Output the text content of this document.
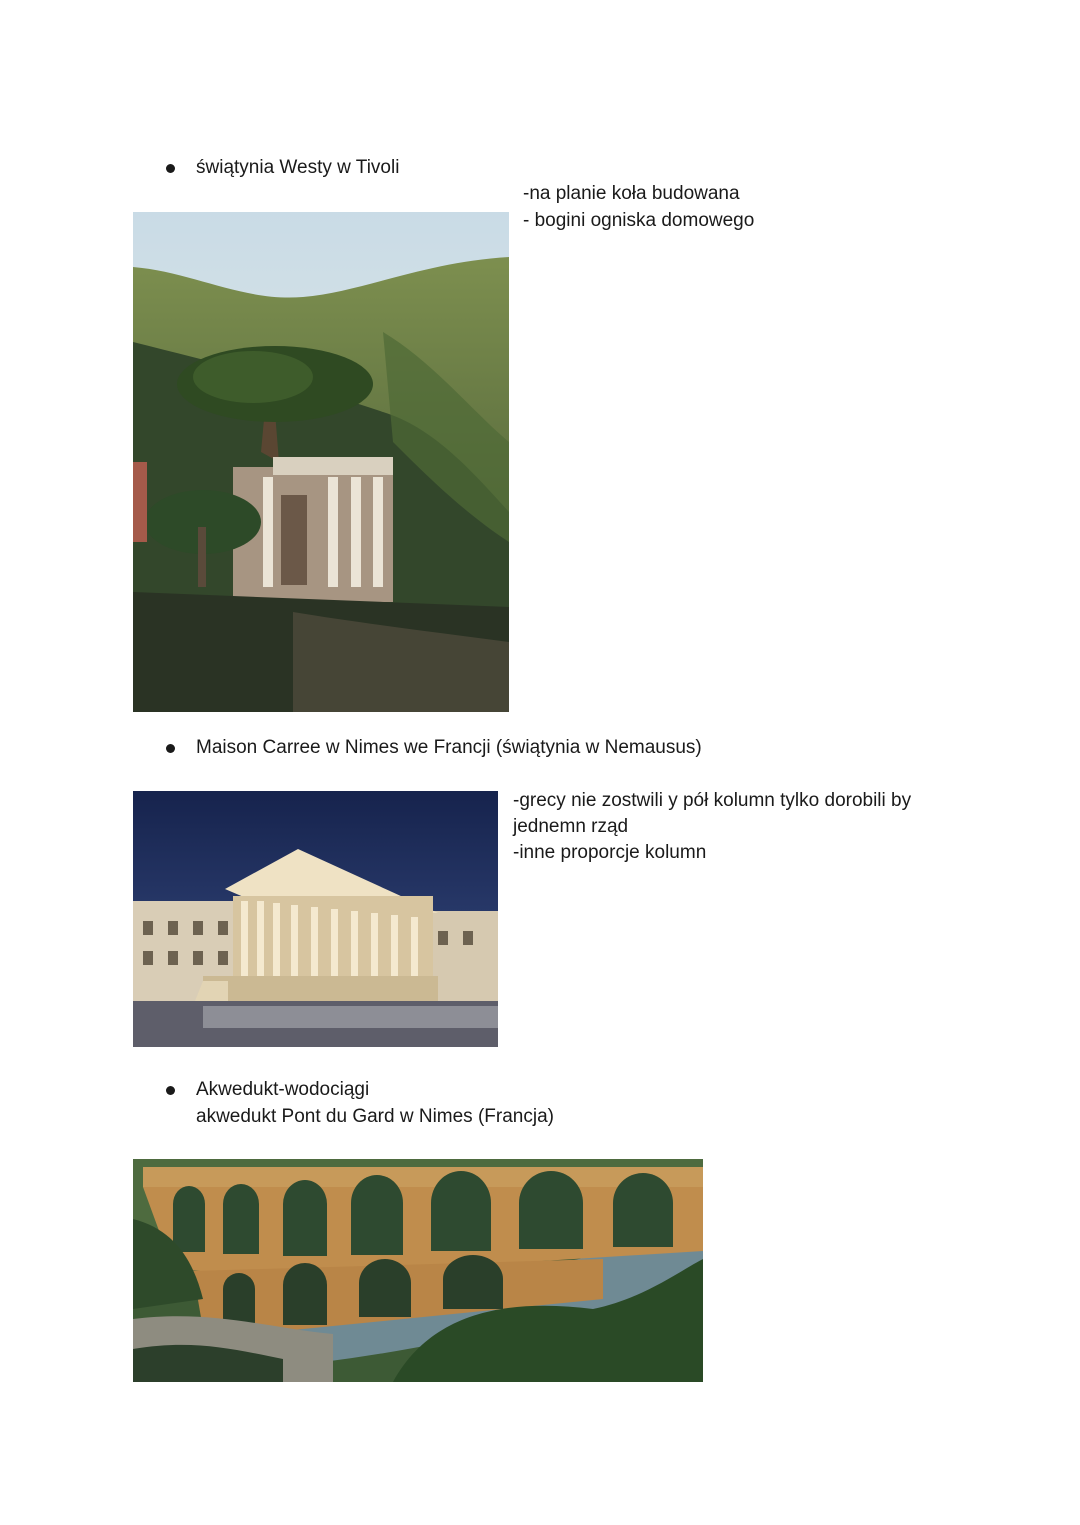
świątynia Westy w Tivoli
-na planie koła budowana
- bogini ogniska domowego
Maison Carree w Nimes we Francji (świątynia w Nemausus)
-grecy nie zostwili y pół kolumn tylko dorobili by
jednemn rząd
-inne proporcje kolumn
Akwedukt-wodociągi
akwedukt Pont du Gard w Nimes (Francja)
